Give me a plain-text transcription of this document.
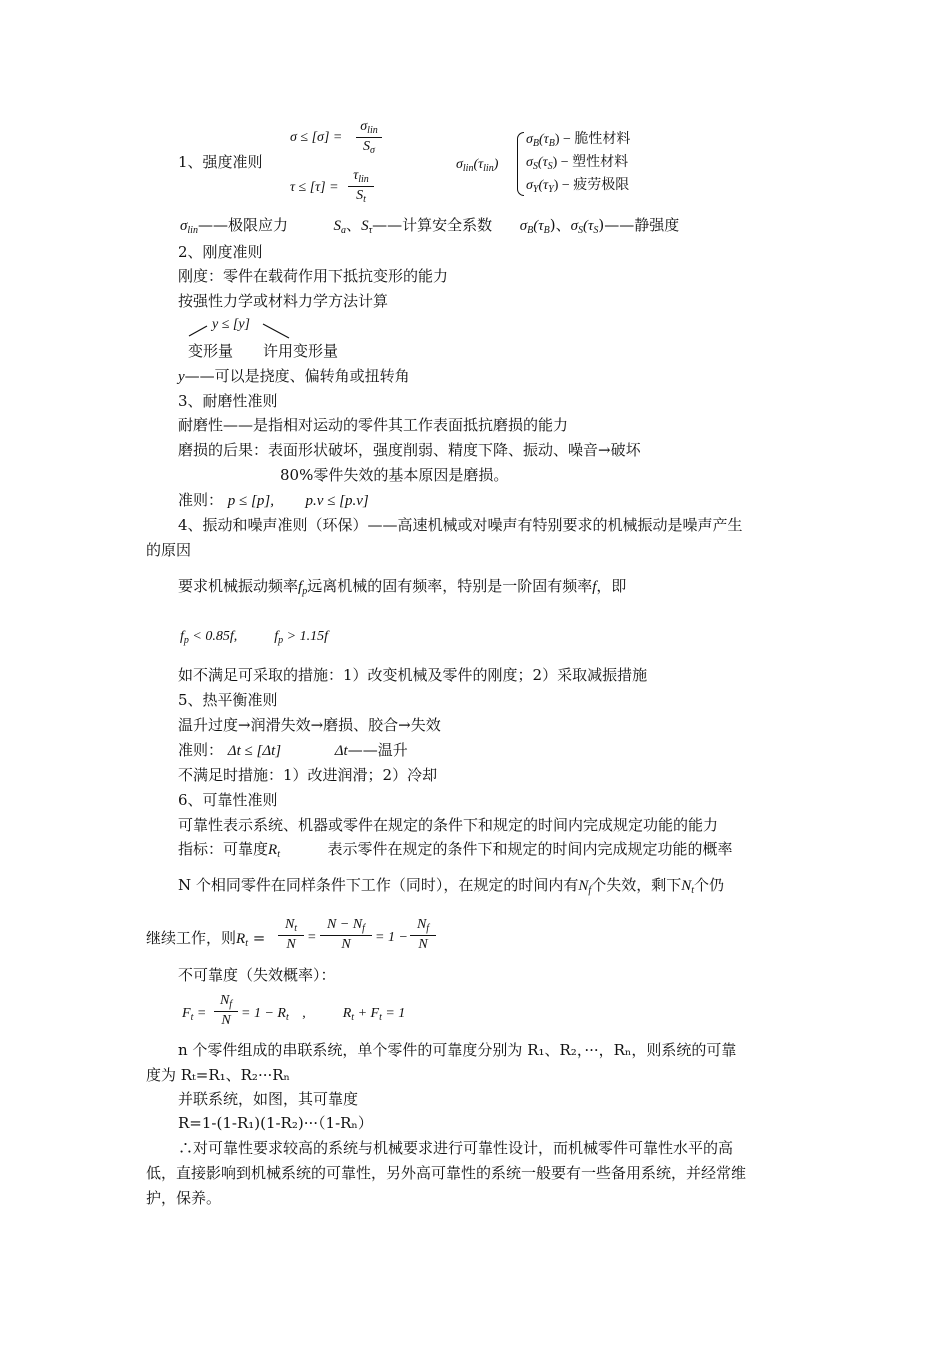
1、强度准则
σ ≤ [σ] =
$\sigma_{lin}$
$S_\sigma$
τ ≤ [τ] =
$\tau_{lin}$
$S_t$
$\sigma_{lin}(\tau_{lin})$
$\sigma_B(\tau_B)$ − 脆性材料
$\sigma_S(\tau_S)$ − 塑性材料
$\sigma_Y(\tau_Y)$ − 疲劳极限
$\sigma_{lin}——$极限应力	$S_a$、$S_\tau——$计算安全系数 $\sigma_B(\tau_B)$、$\sigma_S(\tau_S)——$静强度
2、刚度准则
刚度：零件在载荷作用下抵抗变形的能力
按强性力学或材料力学方法计算
y ≤ [y]
变形量 许用变形量
y——可以是挠度、偏转角或扭转角
3、耐磨性准则
耐磨性——是指相对运动的零件其工作表面抵抗磨损的能力
磨损的后果：表面形状破坏，强度削弱、精度下降、振动、噪音→破坏
80%零件失效的基本原因是磨损。
准则： p ≤ [p], p.v ≤ [p.v]
4、振动和噪声准则（环保）——高速机械或对噪声有特别要求的机械振动是噪声产生
的原因
要求机械振动频率$f_p$远离机械的固有频率，特别是一阶固有频率f，即
$f_p < 0.85f$,	$f_p > 1.15f$
如不满足可采取的措施：1）改变机械及零件的刚度；2）采取减振措施
5、热平衡准则
温升过度→润滑失效→磨损、胶合→失效
准则： Δt ≤ [Δt]	Δt——温升
不满足时措施：1）改进润滑；2）冷却
6、可靠性准则
可靠性表示系统、机器或零件在规定的条件下和规定的时间内完成规定功能的能力
指标：可靠度$R_t$	表示零件在规定的条件下和规定的时间内完成规定功能的概率
N 个相同零件在同样条件下工作（同时），在规定的时间内有$N_f$个失效，剩下$N_t$个仍
继续工作，则$R_t$ =
$N_t$
N =
$N - N_f$
N	= 1 −
$N_f$
N
不可靠度（失效概率）：
$F_t$ =
$N_f$
$N = 1 - R_t$ ,	$R_t + F_t = 1$
n 个零件组成的串联系统，单个零件的可靠度分别为 R₁、R₂，···，Rₙ，则系统的可靠
度为 Rₜ=R₁、R₂···Rₙ
并联系统，如图，其可靠度
R=1-(1-R₁)(1-R₂)···（1-Rₙ）
∴对可靠性要求较高的系统与机械要求进行可靠性设计，而机械零件可靠性水平的高
低，直接影响到机械系统的可靠性，另外高可靠性的系统一般要有一些备用系统，并经常维
护，保养。
